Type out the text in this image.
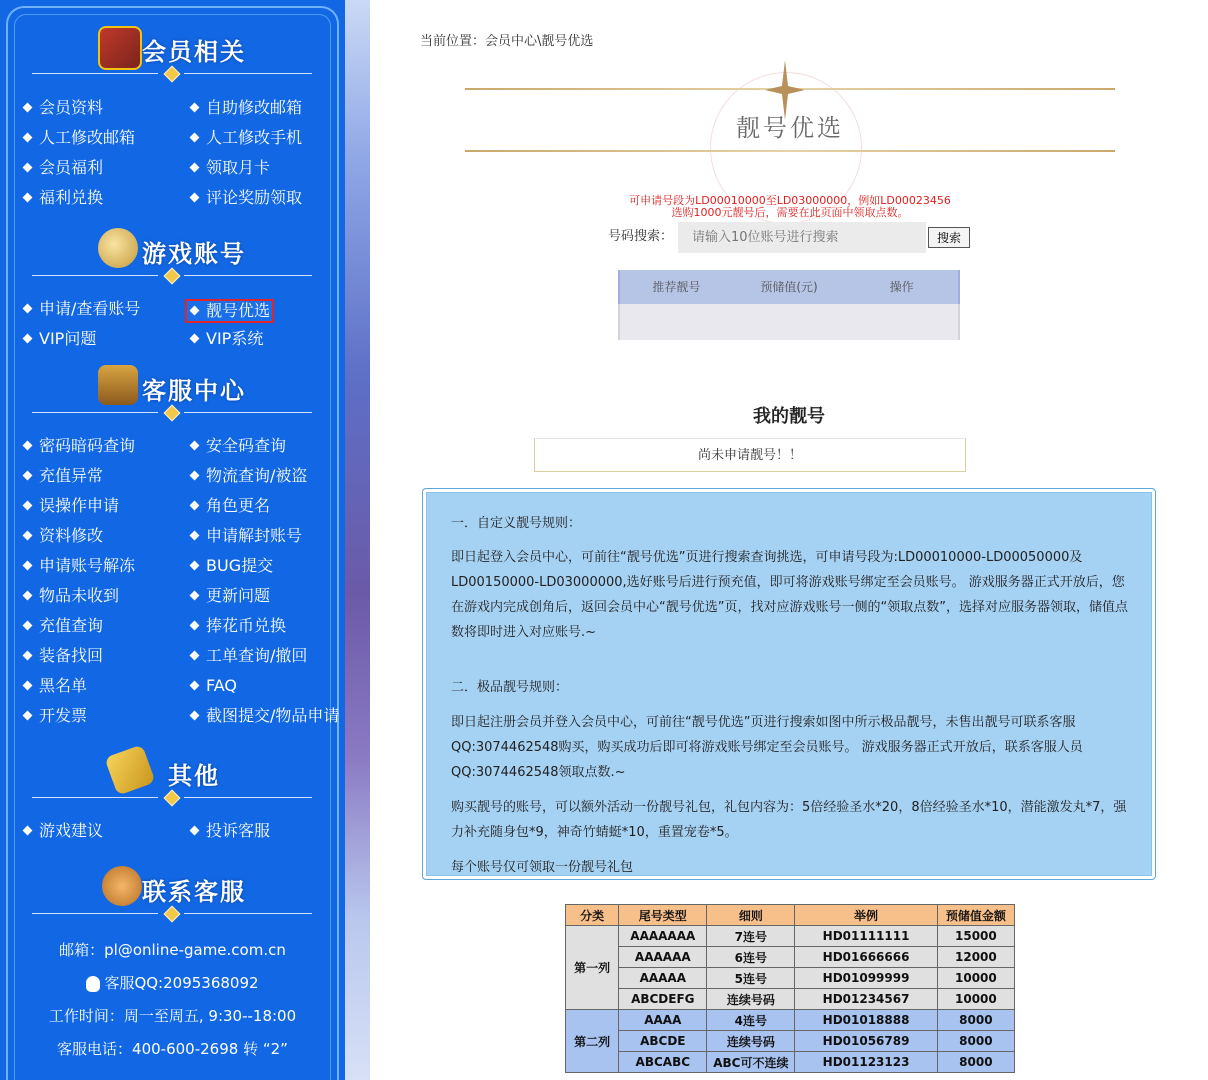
会员相关
会员资料	自助修改邮箱
人工修改邮箱	人工修改手机
会员福利	领取月卡
福利兑换	评论奖励领取
游戏账号
申请/查看账号	靓号优选
VIP问题	VIP系统
客服中心
密码暗码查询	安全码查询
充值异常	物流查询/被盗
误操作申请	角色更名
资料修改	申请解封账号
申请账号解冻	BUG提交
物品未收到	更新问题
充值查询	捧花币兑换
装备找回	工单查询/撤回
黑名单	FAQ
开发票	截图提交/物品申请
其他
游戏建议	投诉客服
联系客服
邮箱：pl@online-game.com.cn
客服QQ:2095368092
工作时间：周一至周五, 9:30--18:00
客服电话：400-600-2698 转 “2”
当前位置：会员中心\靓号优选
靓号优选
可申请号段为LD00010000至LD03000000，例如LD00023456
选购1000元靓号后，需要在此页面中领取点数。
号码搜索：
请输入10位账号进行搜索	搜索
推荐靓号	预储值(元)	操作
我的靓号
尚未申请靓号！！

一．自定义靓号规则：

即日起登入会员中心，可前往“靓号优选”页进行搜索查询挑选，可申请号段为:LD00010000-LD00050000及LD00150000-LD03000000,选好账号后进行预充值，即可将游戏账号绑定至会员账号。 游戏服务器正式开放后，您在游戏内完成创角后，返回会员中心“靓号优选”页，找对应游戏账号一侧的“领取点数”，选择对应服务器领取，储值点数将即时进入对应账号.~

二．极品靓号规则：

即日起注册会员并登入会员中心，可前往“靓号优选”页进行搜索如图中所示极品靓号，未售出靓号可联系客服QQ:3074462548购买，购买成功后即可将游戏账号绑定至会员账号。 游戏服务器正式开放后，联系客服人员QQ:3074462548领取点数.~

购买靓号的账号，可以额外活动一份靓号礼包，礼包内容为：5倍经验圣水*20，8倍经验圣水*10，潜能激发丸*7，强力补充随身包*9，神奇竹蜻蜓*10，重置宠卷*5。

每个账号仅可领取一份靓号礼包

分类	尾号类型	细则	举例	预储值金额
第一列	AAAAAAA	7连号	HD01111111	15000
	AAAAAA	6连号	HD01666666	12000
	AAAAA	5连号	HD01099999	10000
	ABCDEFG	连续号码	HD01234567	10000
第二列	AAAA	4连号	HD01018888	8000
	ABCDE	连续号码	HD01056789	8000
	ABCABC	ABC可不连续	HD01123123	8000
